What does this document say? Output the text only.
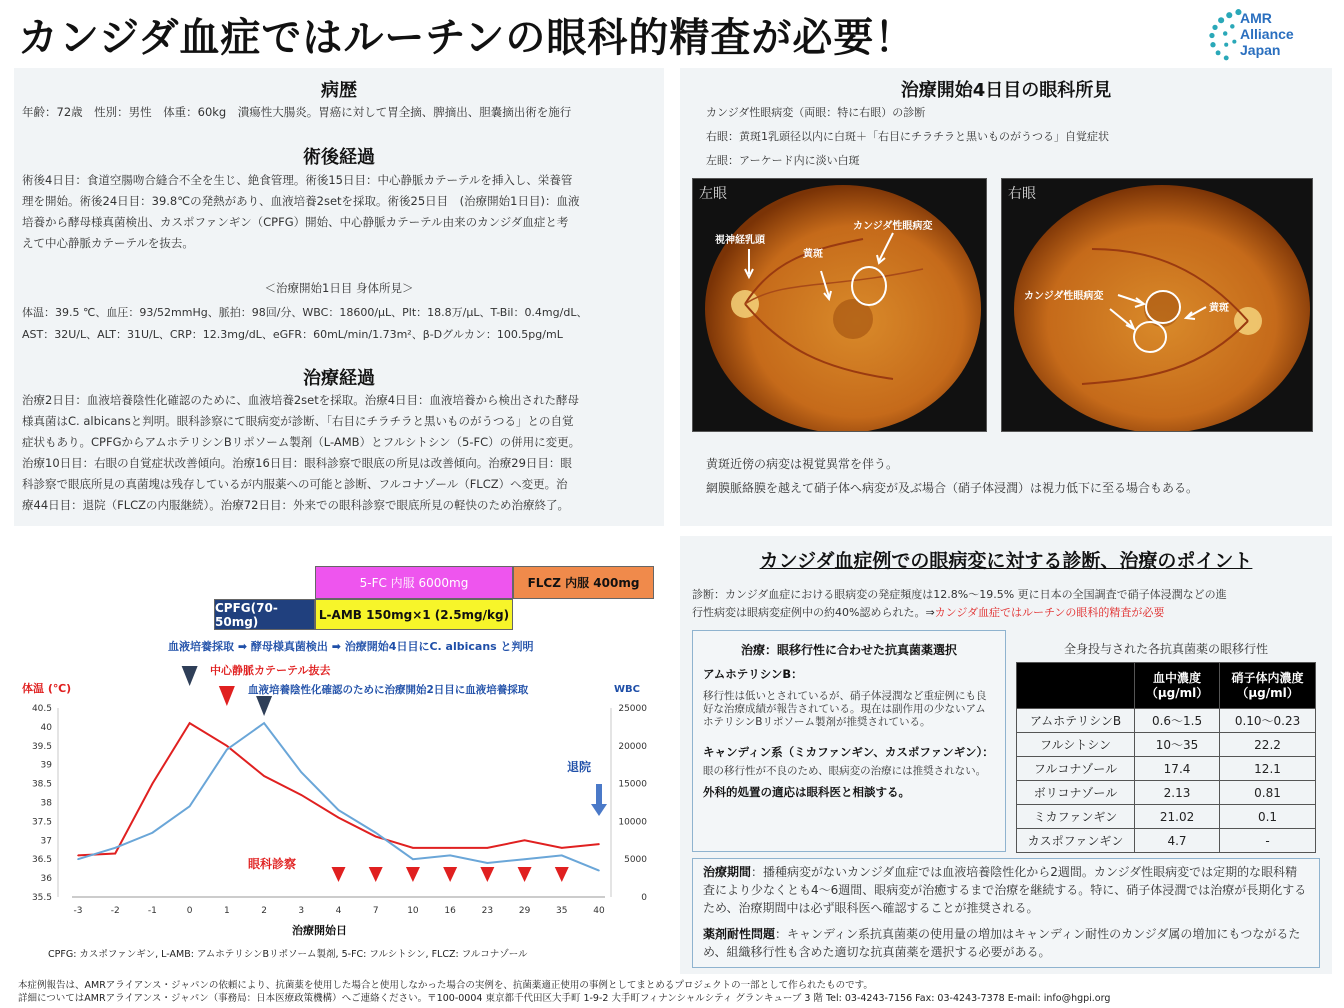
カンジダ血症ではルーチンの眼科的精査が必要！	AMR
Alliance
Japan
病歴
年齢：72歳　性別：男性　体重：60kg　潰瘍性大腸炎。胃癌に対して胃全摘、脾摘出、胆嚢摘出術を施行
術後経過
術後4日目：食道空腸吻合縫合不全を生じ、絶食管理。術後15日目：中心静脈カテーテルを挿入し、栄養管
理を開始。術後24日目：39.8℃の発熱があり、血液培養2setを採取。術後25日目　(治療開始1日目)：血液
培養から酵母様真菌検出、カスポファンギン（CPFG）開始、中心静脈カテーテル由来のカンジダ血症と考
えて中心静脈カテーテルを抜去。
＜治療開始1日目 身体所見＞
体温：39.5 ℃、血圧：93/52mmHg、脈拍：98回/分、WBC：18600/μL、Plt：18.8万/μL、T-Bil：0.4mg/dL、
AST：32U/L、ALT：31U/L、CRP：12.3mg/dL、eGFR：60mL/min/1.73m²、β-Dグルカン：100.5pg/mL
治療経過
治療2日目：血液培養陰性化確認のために、血液培養2setを採取。治療4日目：血液培養から検出された酵母
様真菌はC. albicansと判明。眼科診察にて眼病変が診断、「右目にチラチラと黒いものがうつる」との自覚
症状もあり。CPFGからアムホテリシンBリポソーム製剤（L-AMB）とフルシトシン（5-FC）の併用に変更。
治療10日目：右眼の自覚症状改善傾向。治療16日目：眼科診察で眼底の所見は改善傾向。治療29日目：眼
科診察で眼底所見の真菌塊は残存しているが内服薬への可能と診断、フルコナゾール（FLCZ）へ変更。治
療44日目：退院（FLCZの内服継続）。治療72日目：外来での眼科診察で眼底所見の軽快のため治療終了。
5-FC 内服 6000mg	FLCZ 内服 400mg
CPFG(70-50mg)	L-AMB 150mg×1 (2.5mg/kg)
血液培養採取 ➡ 酵母様真菌検出 ➡ 治療開始4日目にC. albicans と判明
中心静脈カテーテル抜去
血液培養陰性化確認のために治療開始2日目に血液培養採取
退院
眼科診察
35.5
36
36.5
37
37.5
38
38.5
39
39.5
40
40.5
0
5000
10000
15000
20000
25000
-3	-2	-1	0	1	2	3	4	7	10	16	23	29	35	40
体温 (℃)	WBC
治療開始日
CPFG: カスポファンギン, L-AMB: アムホテリシンBリポソーム製剤, 5-FC: フルシトシン, FLCZ: フルコナゾール
治療開始4日目の眼科所見
カンジダ性眼病変（両眼：特に右眼）の診断
右眼：黄斑1乳頭径以内に白斑＋「右目にチラチラと黒いものがうつる」自覚症状
左眼：アーケード内に淡い白斑
左眼
視神経乳頭
黄斑
カンジダ性眼病変
右眼
カンジダ性眼病変
黄斑
黄斑近傍の病変は視覚異常を伴う。
網膜脈絡膜を越えて硝子体へ病変が及ぶ場合（硝子体浸潤）は視力低下に至る場合もある。
カンジダ血症例での眼病変に対する診断、治療のポイント
診断：カンジダ血症における眼病変の発症頻度は12.8%～19.5% 更に日本の全国調査で硝子体浸潤などの進
行性病変は眼病変症例中の約40%認められた。⇒カンジダ血症ではルーチンの眼科的精査が必要
治療：眼移行性に合わせた抗真菌薬選択
アムホテリシンB：
移行性は低いとされているが、硝子体浸潤など重症例にも良好な治療成績が報告されている。現在は副作用の少ないアムホテリシンBリポソーム製剤が推奨されている。
キャンディン系（ミカファンギン、カスポファンギン）：
眼の移行性が不良のため、眼病変の治療には推奨されない。
外科的処置の適応は眼科医と相談する。
全身投与された各抗真菌薬の眼移行性
	血中濃度（μg/ml）	硝子体内濃度（μg/ml）
アムホテリシンB	0.6～1.5	0.10～0.23
フルシトシン	10～35	22.2
フルコナゾール	17.4	12.1
ボリコナゾール	2.13	0.81
ミカファンギン	21.02	0.1
カスポファンギン	4.7	-
治療期間：播種病変がないカンジダ血症では血液培養陰性化から2週間。カンジダ性眼病変では定期的な眼科精査により少なくとも4～6週間、眼病変が治癒するまで治療を継続する。特に、硝子体浸潤では治療が長期化するため、治療期間中は必ず眼科医へ確認することが推奨される。
薬剤耐性問題：キャンディン系抗真菌薬の使用量の増加はキャンディン耐性のカンジダ属の増加にもつながるため、組織移行性も含めた適切な抗真菌薬を選択する必要がある。
本症例報告は、AMRアライアンス・ジャパンの依頼により、抗菌薬を使用した場合と使用しなかった場合の実例を、抗菌薬適正使用の事例としてまとめるプロジェクトの一部として作られたものです。
詳細についてはAMRアライアンス・ジャパン（事務局：日本医療政策機構）へご連絡ください。〒100-0004 東京都千代田区大手町 1-9-2 大手町フィナンシャルシティ グランキューブ 3 階 Tel: 03-4243-7156 Fax: 03-4243-7378 E-mail: info@hgpi.org
